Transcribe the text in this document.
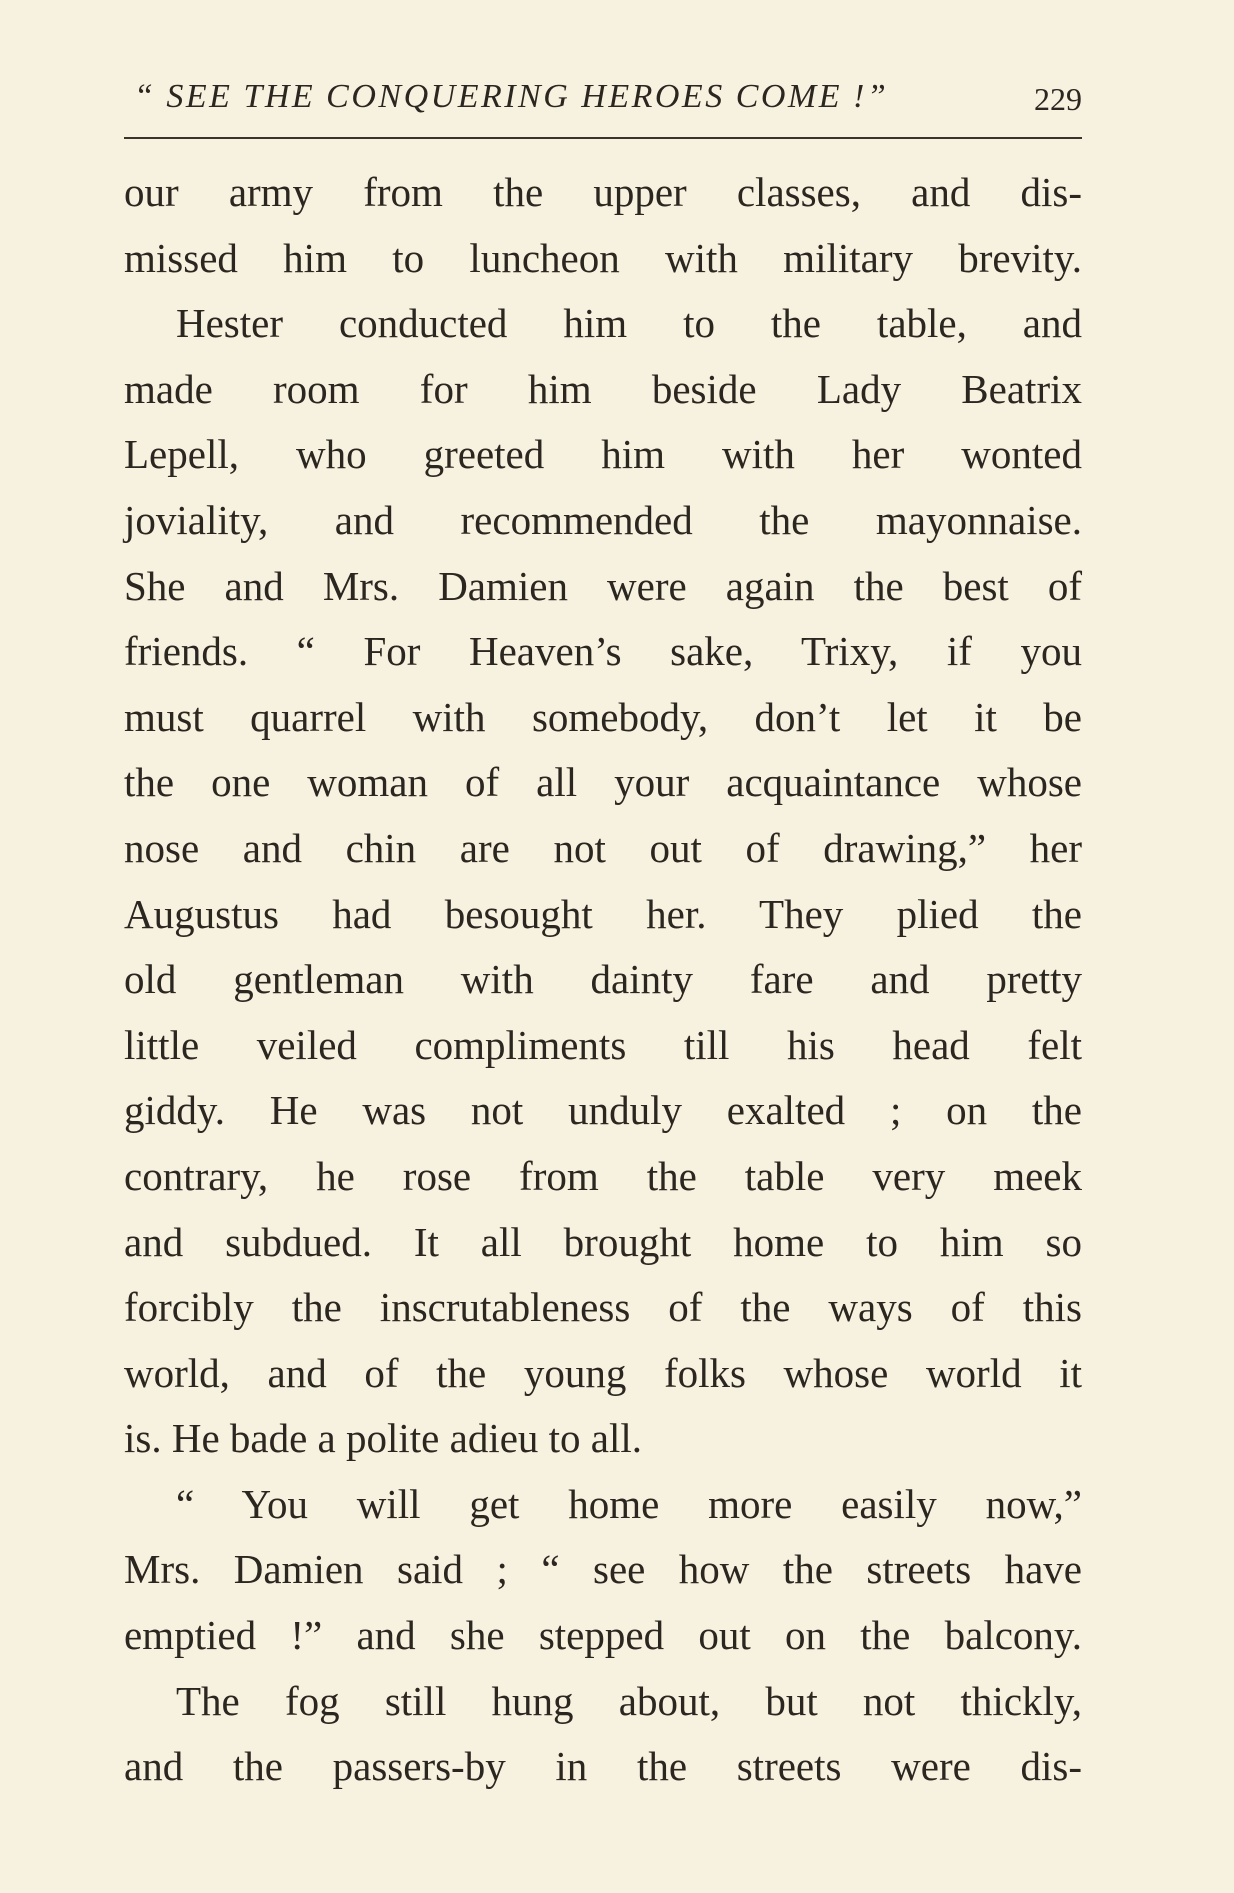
“ SEE THE CONQUERING HEROES COME !”	229
our army from the upper classes, and dis-
missed him to luncheon with military brevity.
Hester conducted him to the table, and
made room for him beside Lady Beatrix
Lepell, who greeted him with her wonted
joviality, and recommended the mayonnaise.
She and Mrs. Damien were again the best of
friends. “ For Heaven’s sake, Trixy, if you
must quarrel with somebody, don’t let it be
the one woman of all your acquaintance whose
nose and chin are not out of drawing,” her
Augustus had besought her. They plied the
old gentleman with dainty fare and pretty
little veiled compliments till his head felt
giddy. He was not unduly exalted ; on the
contrary, he rose from the table very meek
and subdued. It all brought home to him so
forcibly the inscrutableness of the ways of this
world, and of the young folks whose world it
is. He bade a polite adieu to all.
“ You will get home more easily now,”
Mrs. Damien said ; “ see how the streets have
emptied !” and she stepped out on the balcony.
The fog still hung about, but not thickly,
and the passers-by in the streets were dis-
